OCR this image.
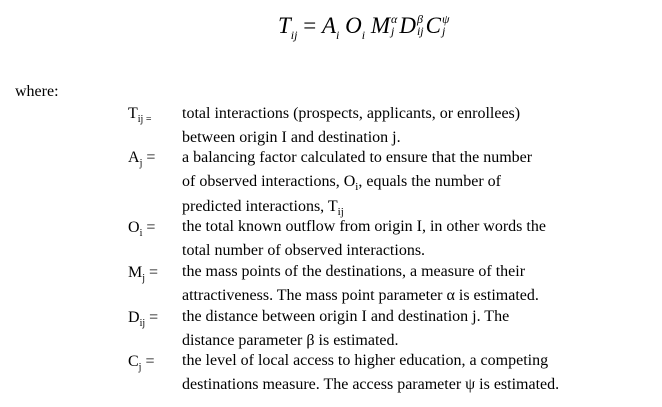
$T_{ij} = A_i$ $O_i$ M α
j D β
ij C ψ
j
where:
$T_{ij}$ $_=$ total interactions (prospects, applicants, or enrollees)
between origin I and destination j.
$A_j = a$ balancing factor calculated to ensure that the number
of observed interactions, $O_i$, equals the number of
predicted interactions, $T_{ij}$
$O_i$ = the total known outflow from origin I, in other words the
total number of observed interactions.
$M_j$ = the mass points of the destinations, a measure of their
attractiveness. The mass point parameter α is estimated.
$D_{ij}$ = the distance between origin I and destination j. The
distance parameter β is estimated.
$C_j$ = the level of local access to higher education, a competing
destinations measure. The access parameter ψ is estimated.
